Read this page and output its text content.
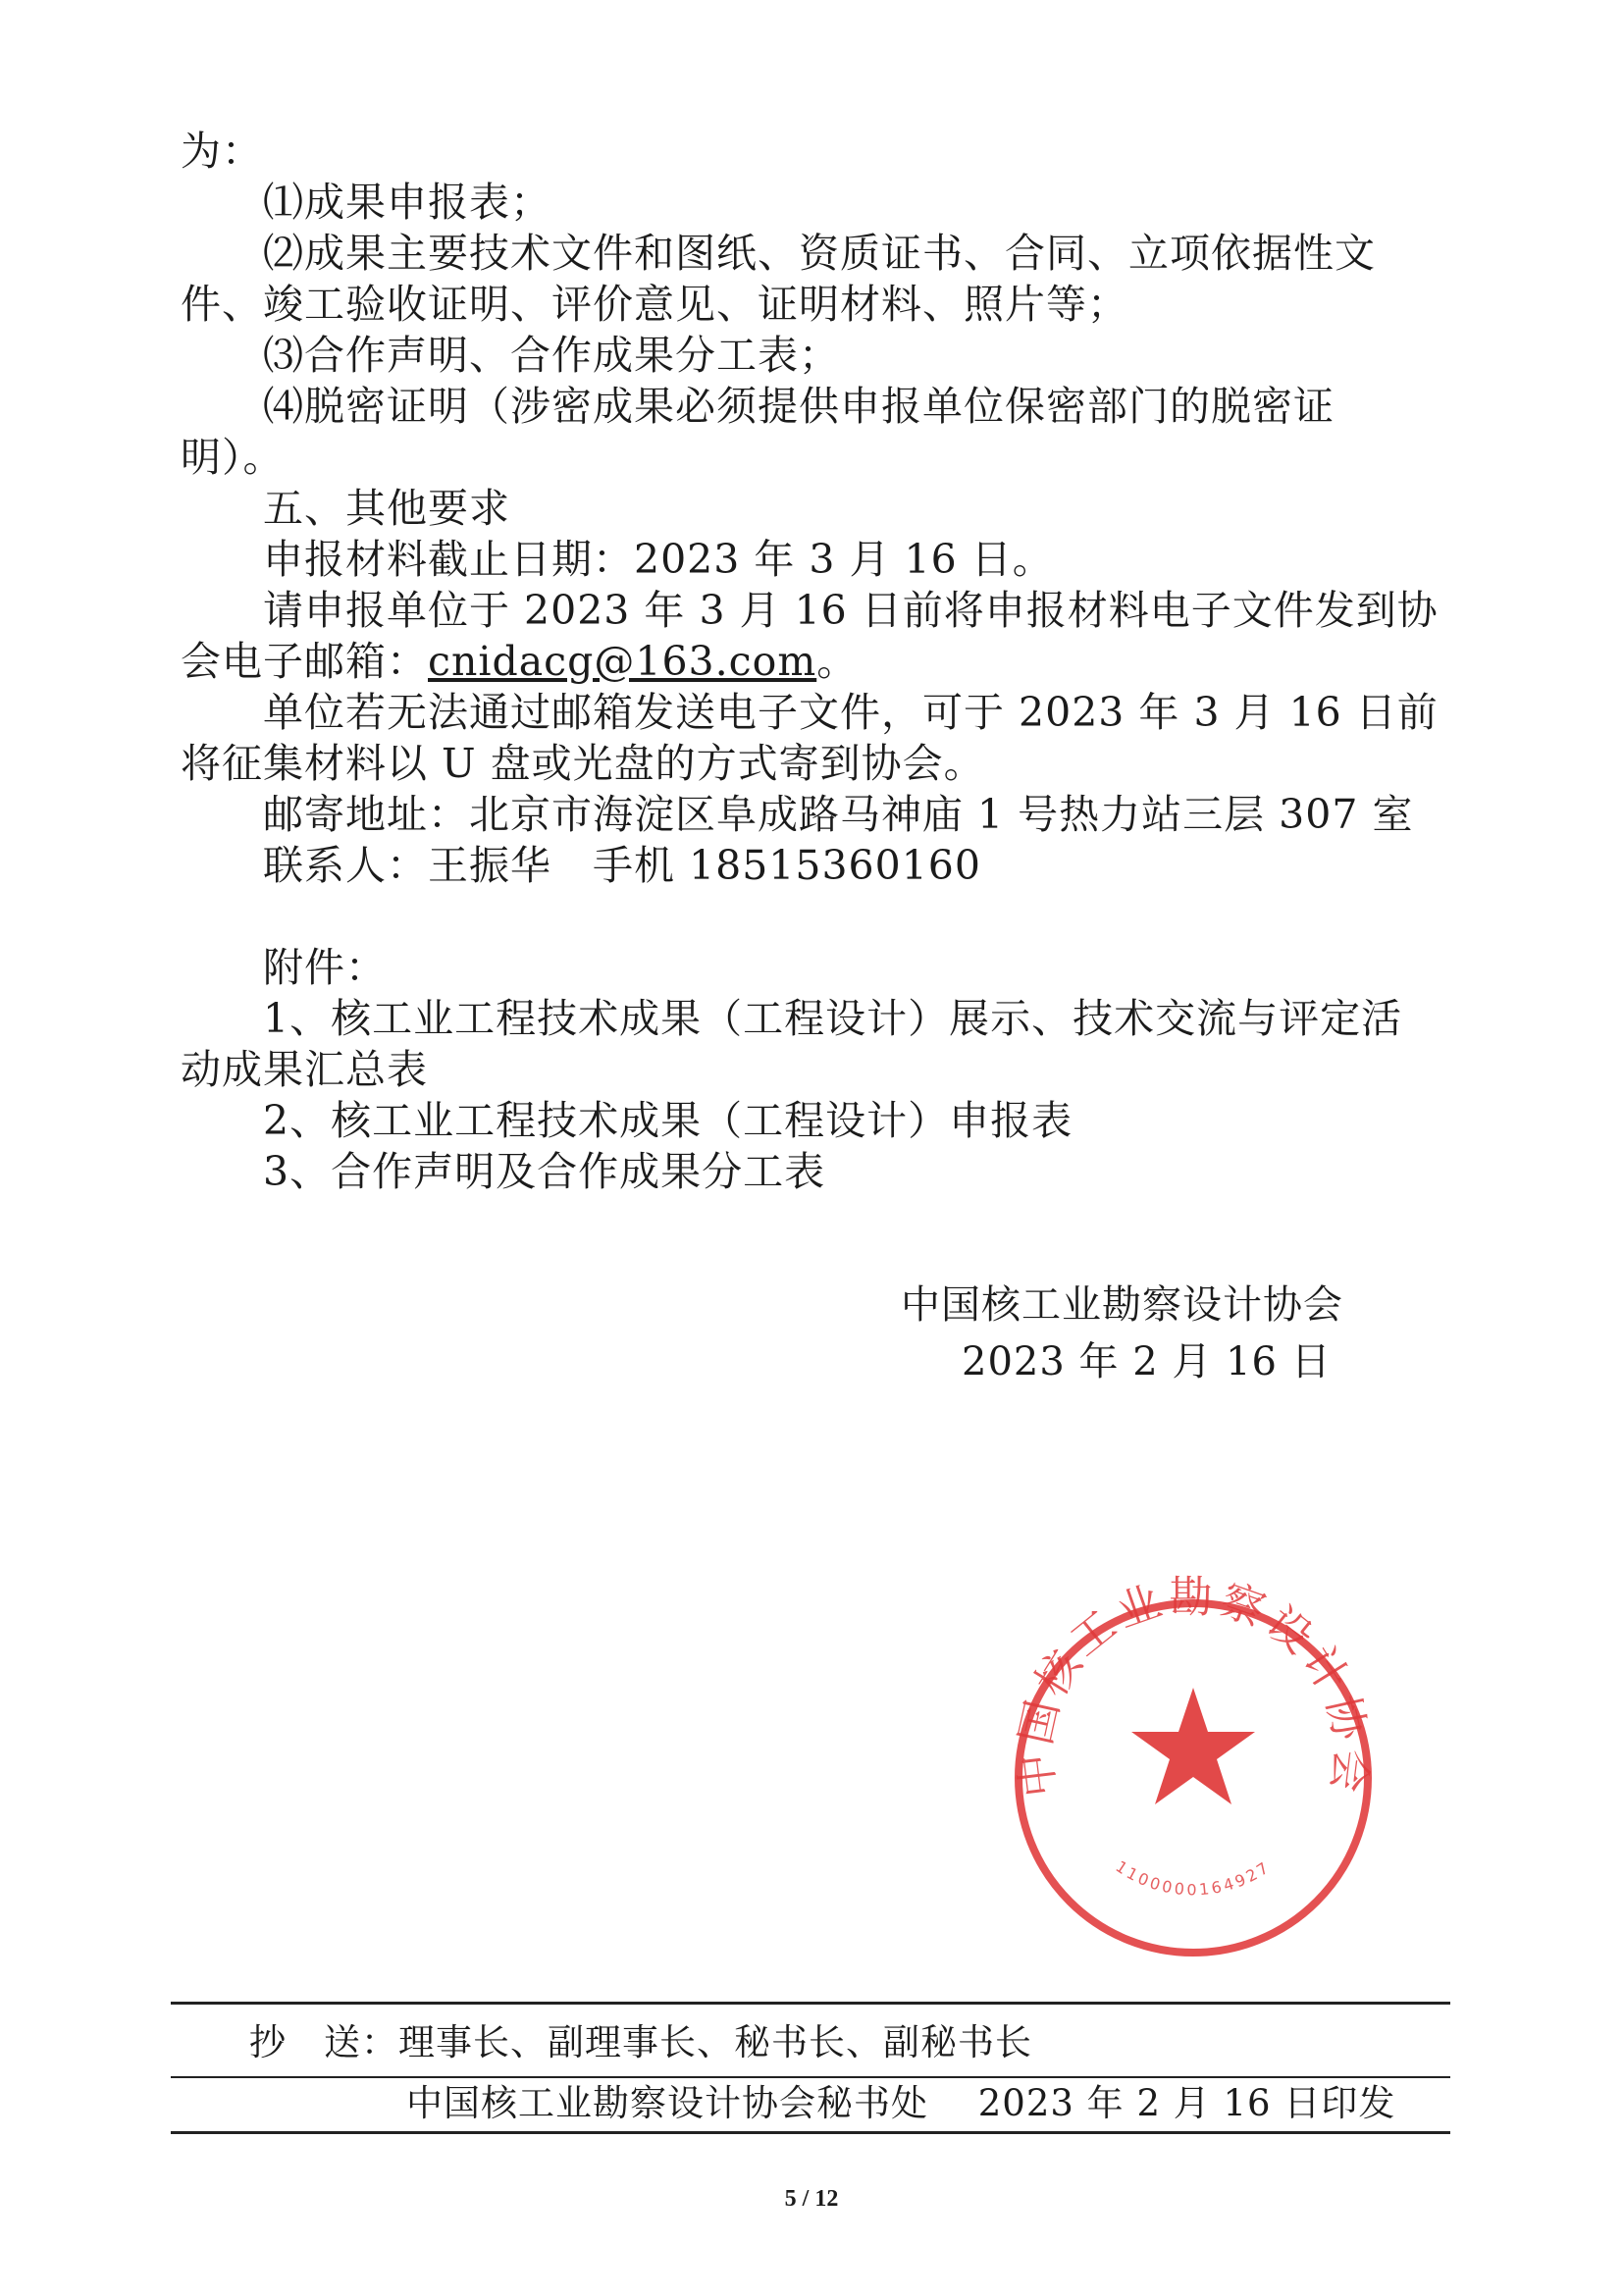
为：
⑴成果申报表；
⑵成果主要技术文件和图纸、资质证书、合同、立项依据性文
件、竣工验收证明、评价意见、证明材料、照片等；
⑶合作声明、合作成果分工表；
⑷脱密证明（涉密成果必须提供申报单位保密部门的脱密证
明）。
五、其他要求
申报材料截止日期：2023 年 3 月 16 日。
请申报单位于 2023 年 3 月 16 日前将申报材料电子文件发到协
会电子邮箱：cnidacg@163.com。
单位若无法通过邮箱发送电子文件，可于 2023 年 3 月 16 日前
将征集材料以 U 盘或光盘的方式寄到协会。
邮寄地址：北京市海淀区阜成路马神庙 1 号热力站三层 307 室
联系人：王振华　手机 18515360160
附件：
1、核工业工程技术成果（工程设计）展示、技术交流与评定活
动成果汇总表
2、核工业工程技术成果（工程设计）申报表
3、合作声明及合作成果分工表
中国核工业勘察设计协会
1100000164927
中国核工业勘察设计协会
2023 年 2 月 16 日
抄　送：理事长、副理事长、秘书长、副秘书长
中国核工业勘察设计协会秘书处　 2023 年 2 月 16 日印发
5 / 12
